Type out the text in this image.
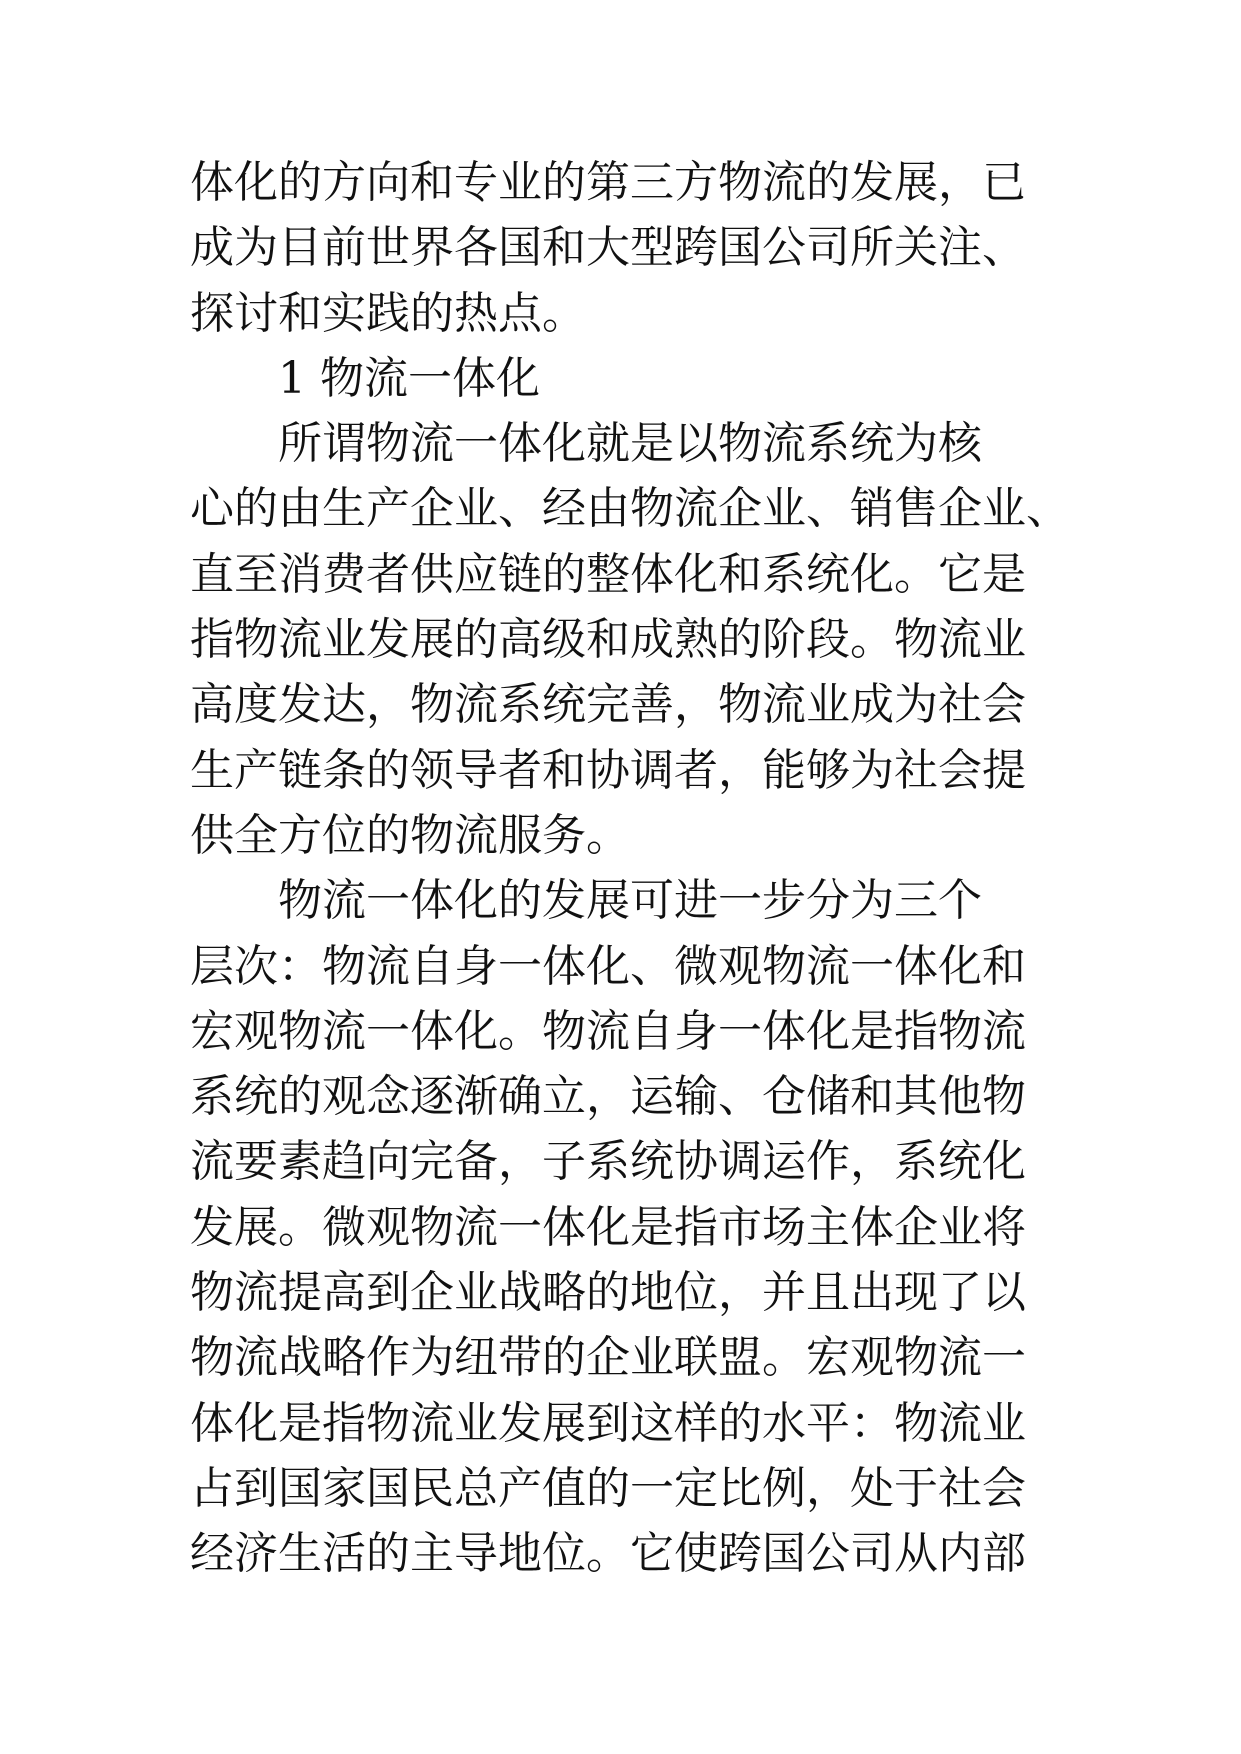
体化的方向和专业的第三方物流的发展，已
成为目前世界各国和大型跨国公司所关注、
探讨和实践的热点。
1 物流一体化
所谓物流一体化就是以物流系统为核
心的由生产企业、经由物流企业、销售企业、
直至消费者供应链的整体化和系统化。它是
指物流业发展的高级和成熟的阶段。物流业
高度发达，物流系统完善，物流业成为社会
生产链条的领导者和协调者，能够为社会提
供全方位的物流服务。
物流一体化的发展可进一步分为三个
层次：物流自身一体化、微观物流一体化和
宏观物流一体化。物流自身一体化是指物流
系统的观念逐渐确立，运输、仓储和其他物
流要素趋向完备，子系统协调运作，系统化
发展。微观物流一体化是指市场主体企业将
物流提高到企业战略的地位，并且出现了以
物流战略作为纽带的企业联盟。宏观物流一
体化是指物流业发展到这样的水平：物流业
占到国家国民总产值的一定比例，处于社会
经济生活的主导地位。它使跨国公司从内部
